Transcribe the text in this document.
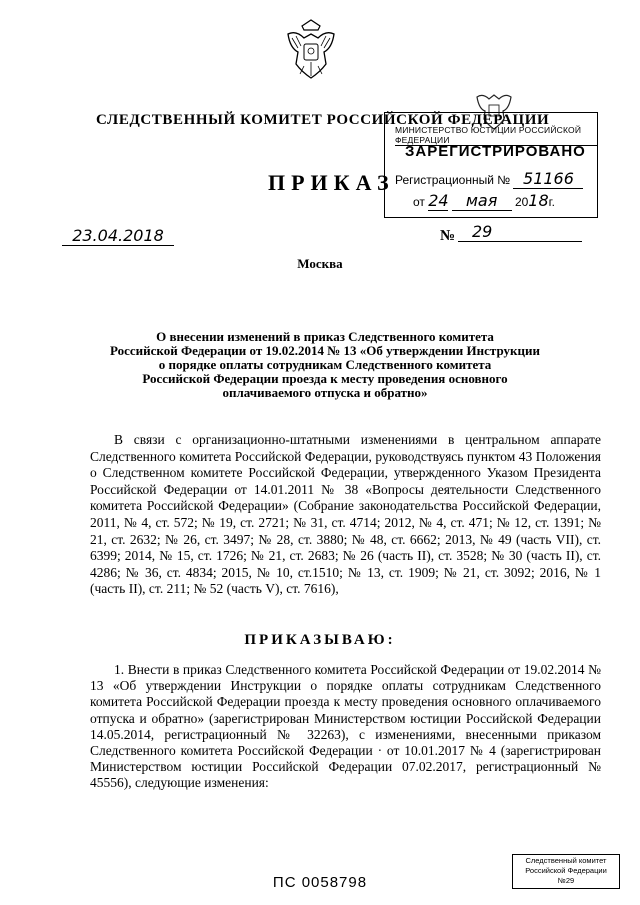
СЛЕДСТВЕННЫЙ КОМИТЕТ РОССИЙСКОЙ ФЕДЕРАЦИИ
МИНИСТЕРСТВО ЮСТИЦИИ РОССИЙСКОЙ ФЕДЕРАЦИИ
ЗАРЕГИСТРИРОВАНО
Регистрационный № 51166
от 24 мая 2018г.
ПРИКАЗ
23.04.2018	№	29
Москва
О внесении изменений в приказ Следственного комитета
Российской Федерации от 19.02.2014 № 13 «Об утверждении Инструкции
о порядке оплаты сотрудникам Следственного комитета
Российской Федерации проезда к месту проведения основного
оплачиваемого отпуска и обратно»

В связи с организационно-штатными изменениями в центральном аппарате Следственного комитета Российской Федерации, руководствуясь пунктом 43 Положения о Следственном комитете Российской Федерации, утвержденного Указом Президента Российской Федерации от 14.01.2011 № 38 «Вопросы деятельности Следственного комитета Российской Федерации» (Собрание законодательства Российской Федерации, 2011, № 4, ст. 572; № 19, ст. 2721; № 31, ст. 4714; 2012, № 4, ст. 471; № 12, ст. 1391; № 21, ст. 2632; № 26, ст. 3497; № 28, ст. 3880; № 48, ст. 6662; 2013, № 49 (часть VII), ст. 6399; 2014, № 15, ст. 1726; № 21, ст. 2683; № 26 (часть II), ст. 3528; № 30 (часть II), ст. 4286; № 36, ст. 4834; 2015, № 10, ст.1510; № 13, ст. 1909; № 21, ст. 3092; 2016, № 1 (часть II), ст. 211; № 52 (часть V), ст. 7616),

ПРИКАЗЫВАЮ:

1. Внести в приказ Следственного комитета Российской Федерации от 19.02.2014 № 13 «Об утверждении Инструкции о порядке оплаты сотрудникам Следственного комитета Российской Федерации проезда к месту проведения основного оплачиваемого отпуска и обратно» (зарегистрирован Министерством юстиции Российской Федерации 14.05.2014, регистрационный № 32263), с изменениями, внесенными приказом Следственного комитета Российской Федерации · от 10.01.2017 № 4 (зарегистрирован Министерством юстиции Российской Федерации 07.02.2017, регистрационный № 45556), следующие изменения:

Следственный комитет
Российской Федерации
№29
ПС 0058798
